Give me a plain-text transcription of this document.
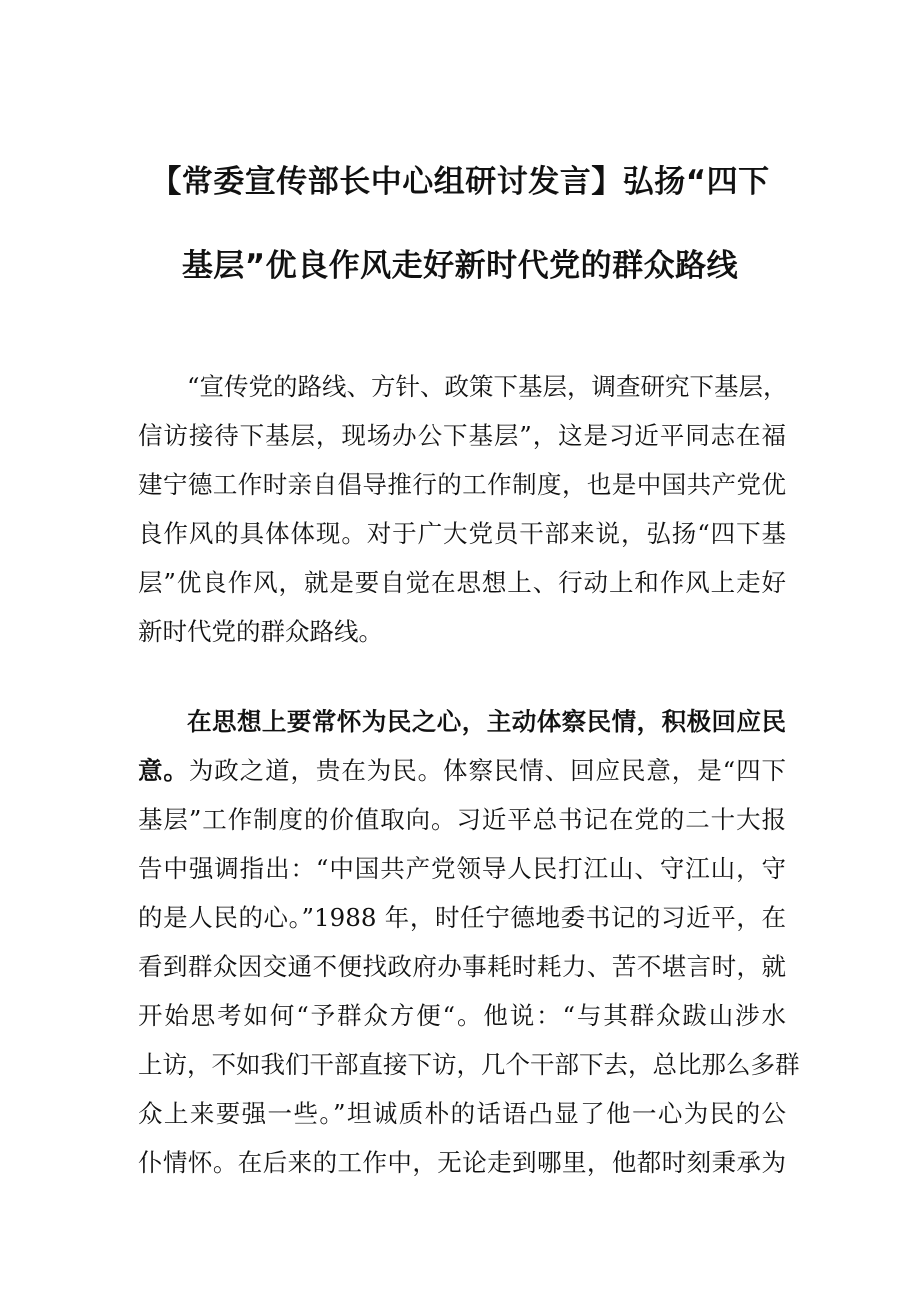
【常委宣传部长中心组研讨发言】弘扬“四下
基层”优良作风走好新时代党的群众路线
“宣传党的路线、方针、政策下基层，调查研究下基层，
信访接待下基层，现场办公下基层”，这是习近平同志在福
建宁德工作时亲自倡导推行的工作制度，也是中国共产党优
良作风的具体体现。对于广大党员干部来说，弘扬“四下基
层”优良作风，就是要自觉在思想上、行动上和作风上走好
新时代党的群众路线。
在思想上要常怀为民之心，主动体察民情，积极回应民
意。为政之道，贵在为民。体察民情、回应民意，是“四下
基层”工作制度的价值取向。习近平总书记在党的二十大报
告中强调指出：“中国共产党领导人民打江山、守江山，守
的是人民的心。”1988 年，时任宁德地委书记的习近平，在
看到群众因交通不便找政府办事耗时耗力、苦不堪言时，就
开始思考如何“予群众方便“。他说：“与其群众跋山涉水
上访，不如我们干部直接下访，几个干部下去，总比那么多群
众上来要强一些。”坦诚质朴的话语凸显了他一心为民的公
仆情怀。在后来的工作中，无论走到哪里，他都时刻秉承为
